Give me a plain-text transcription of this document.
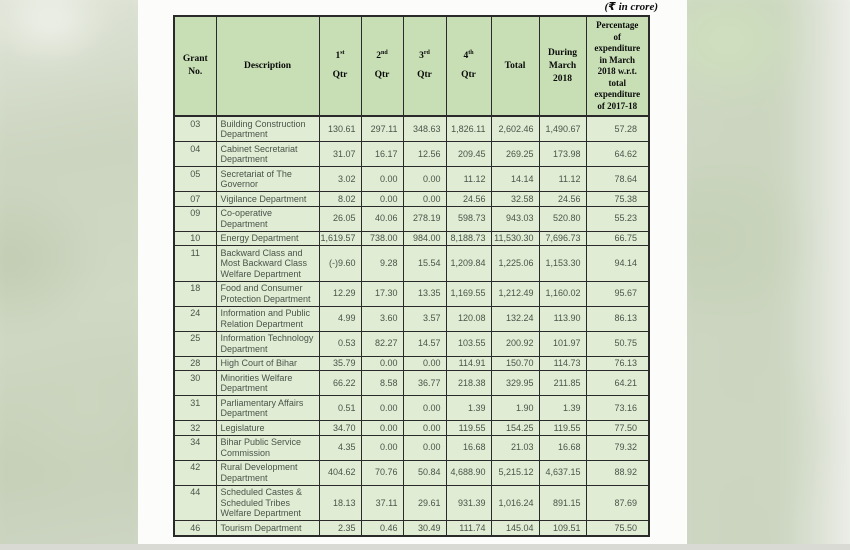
(₹ in crore)
Grant
No.

Description

1st
Qtr

2nd
Qtr

3rd
Qtr

4th
Qtr

Total

During
March
2018

Percentage
of
expenditure
in March
2018 w.r.t.
total
expenditure
of 2017-18

03	Building Construction Department	130.61	297.11	348.63	1,826.11	2,602.46	1,490.67	57.28
04	Cabinet Secretariat Department	31.07	16.17	12.56	209.45	269.25	173.98	64.62
05	Secretariat of The Governor	3.02	0.00	0.00	11.12	14.14	11.12	78.64
07	Vigilance Department	8.02	0.00	0.00	24.56	32.58	24.56	75.38
09	Co-operative Department	26.05	40.06	278.19	598.73	943.03	520.80	55.23
10	Energy Department	1,619.57	738.00	984.00	8,188.73	11,530.30	7,696.73	66.75
11	Backward Class and Most Backward Class Welfare Department	(-)9.60	9.28	15.54	1,209.84	1,225.06	1,153.30	94.14
18	Food and Consumer Protection Department	12.29	17.30	13.35	1,169.55	1,212.49	1,160.02	95.67
24	Information and Public Relation Department	4.99	3.60	3.57	120.08	132.24	113.90	86.13
25	Information Technology Department	0.53	82.27	14.57	103.55	200.92	101.97	50.75
28	High Court of Bihar	35.79	0.00	0.00	114.91	150.70	114.73	76.13
30	Minorities Welfare Department	66.22	8.58	36.77	218.38	329.95	211.85	64.21
31	Parliamentary Affairs Department	0.51	0.00	0.00	1.39	1.90	1.39	73.16
32	Legislature	34.70	0.00	0.00	119.55	154.25	119.55	77.50
34	Bihar Public Service Commission	4.35	0.00	0.00	16.68	21.03	16.68	79.32
42	Rural Development Department	404.62	70.76	50.84	4,688.90	5,215.12	4,637.15	88.92
44	Scheduled Castes & Scheduled Tribes Welfare Department	18.13	37.11	29.61	931.39	1,016.24	891.15	87.69
46	Tourism Department	2.35	0.46	30.49	111.74	145.04	109.51	75.50
